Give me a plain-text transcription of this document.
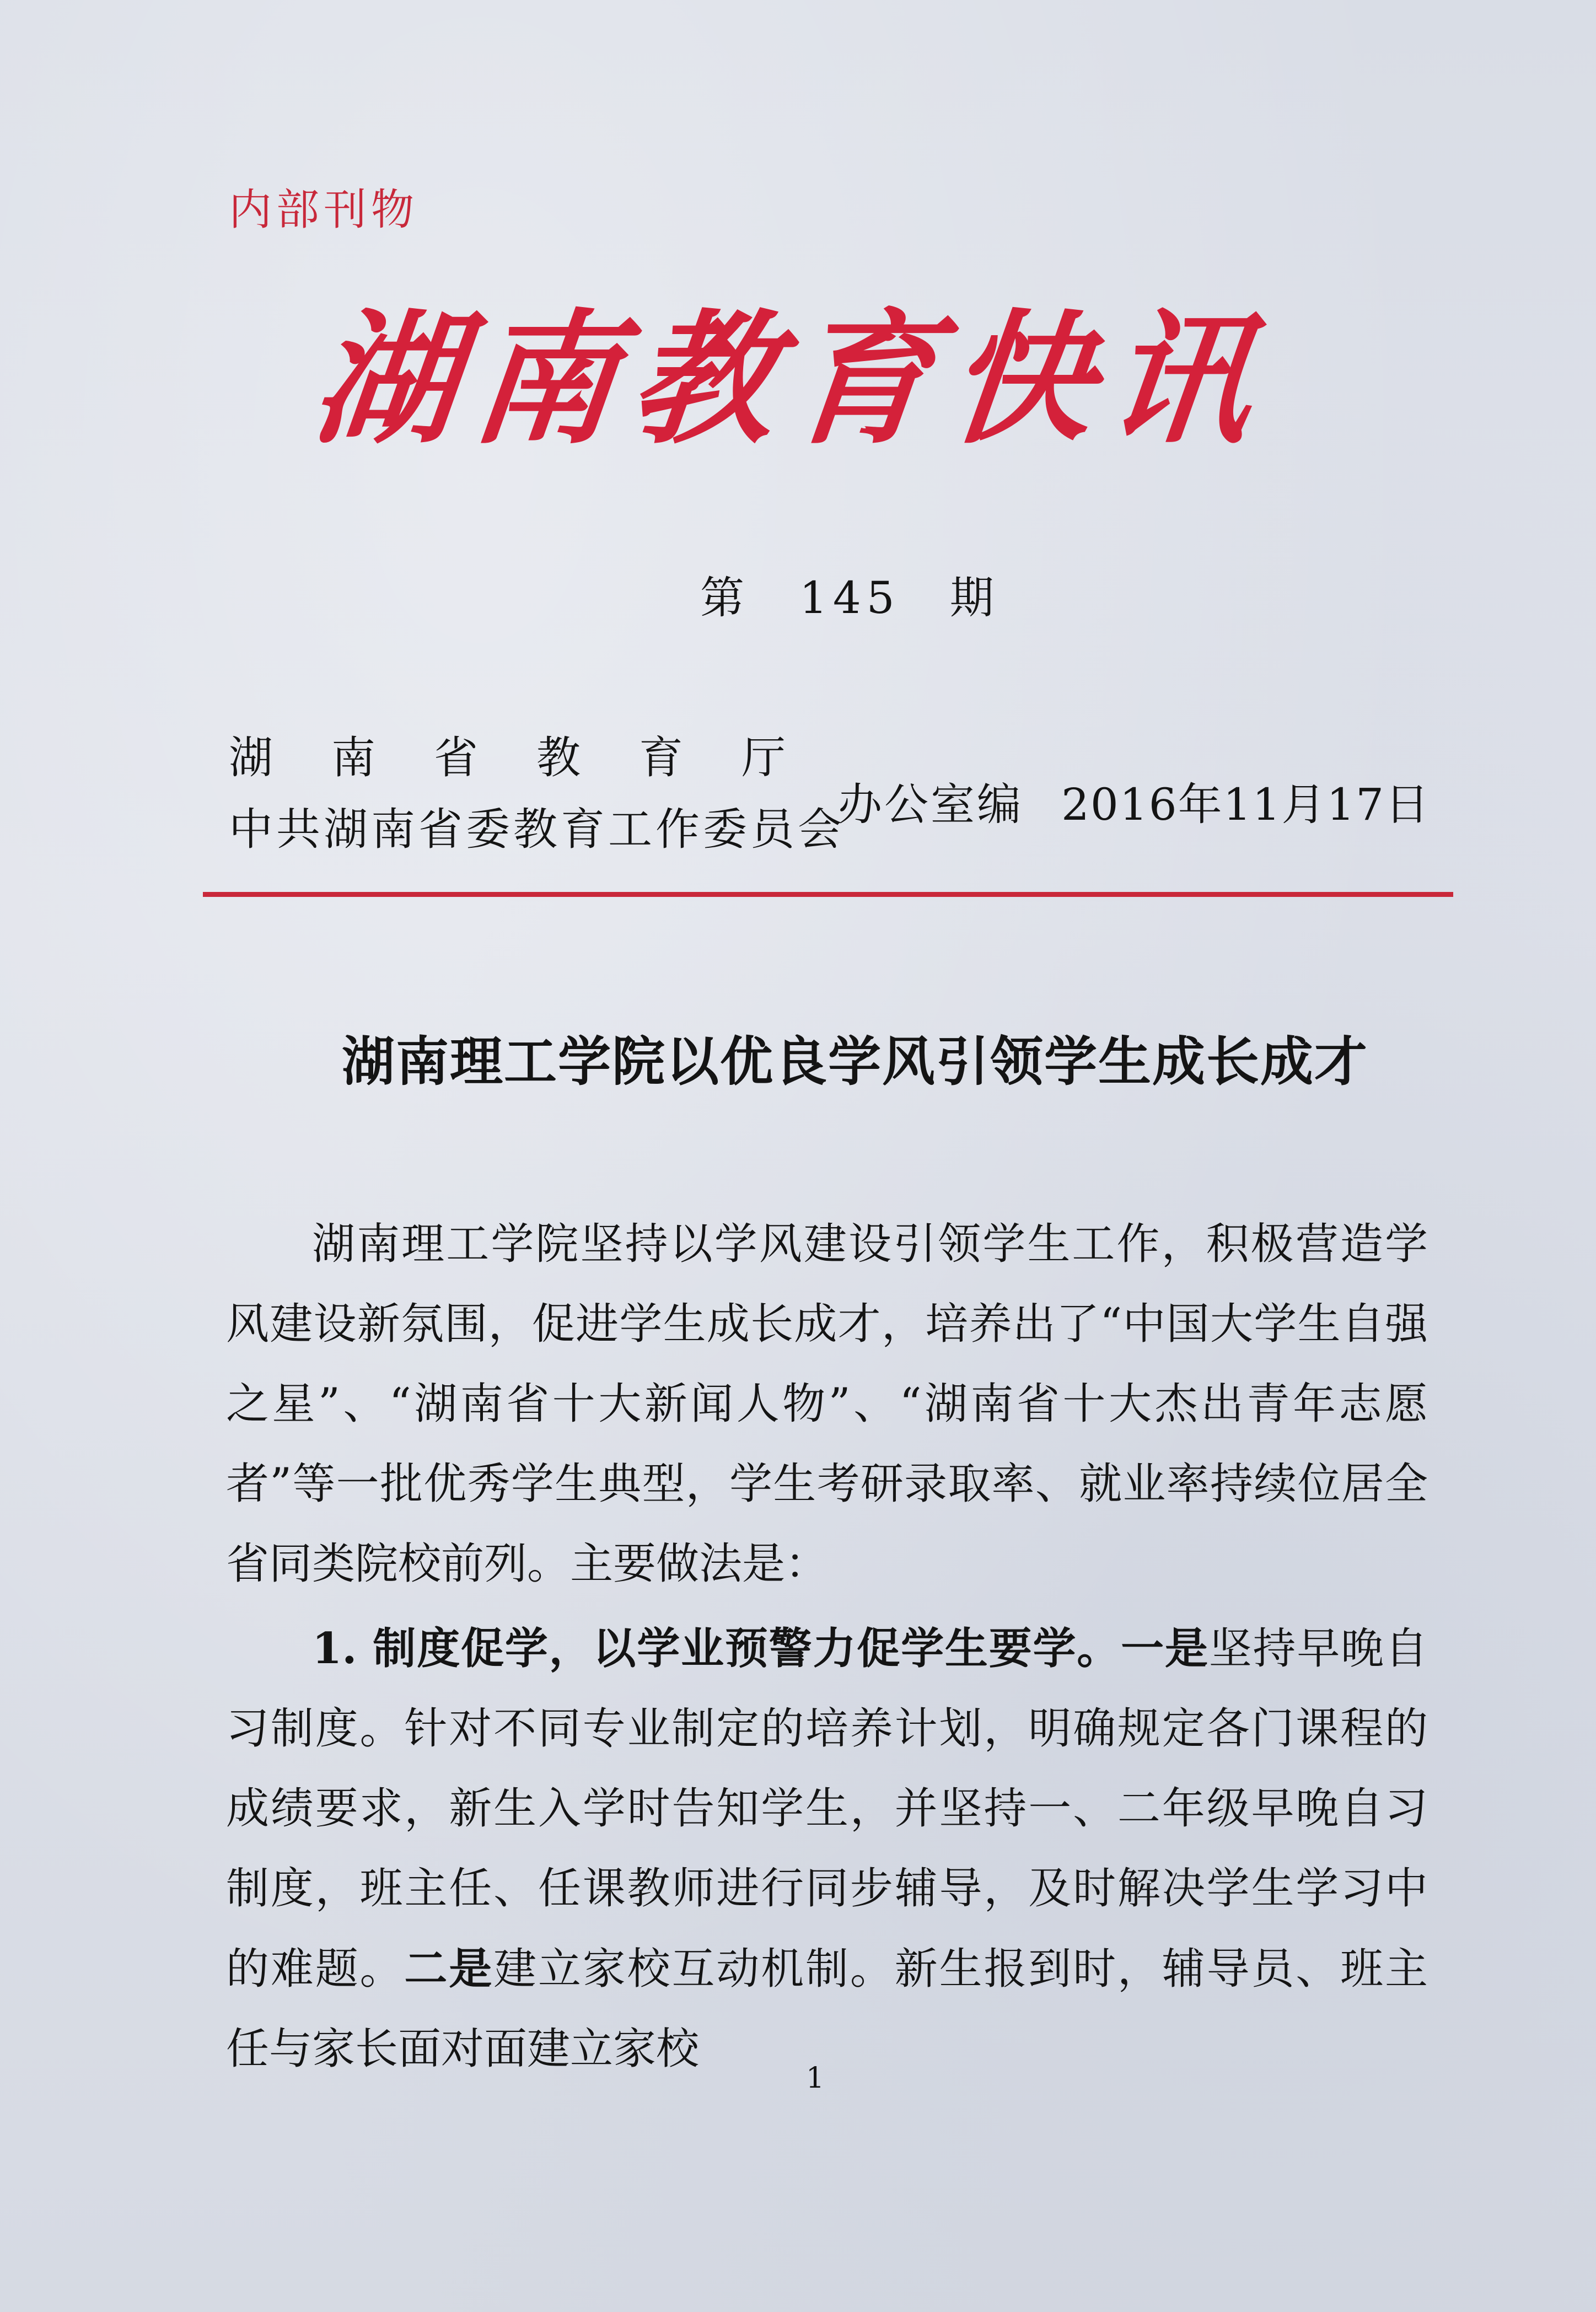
内部刊物
湖南教育快讯
第　145　期
湖南省教育厅
中共湖南省委教育工作委员会
办公室编 2016年11月17日
湖南理工学院以优良学风引领学生成长成才

湖南理工学院坚持以学风建设引领学生工作，积极营造学风建设新氛围，促进学生成长成才，培养出了“中国大学生自强之星”、“湖南省十大新闻人物”、“湖南省十大杰出青年志愿者”等一批优秀学生典型，学生考研录取率、就业率持续位居全省同类院校前列。主要做法是：

1. 制度促学，以学业预警力促学生要学。一是坚持早晚自习制度。针对不同专业制定的培养计划，明确规定各门课程的成绩要求，新生入学时告知学生，并坚持一、二年级早晚自习制度，班主任、任课教师进行同步辅导，及时解决学生学习中的难题。二是建立家校互动机制。新生报到时，辅导员、班主任与家长面对面建立家校

1
